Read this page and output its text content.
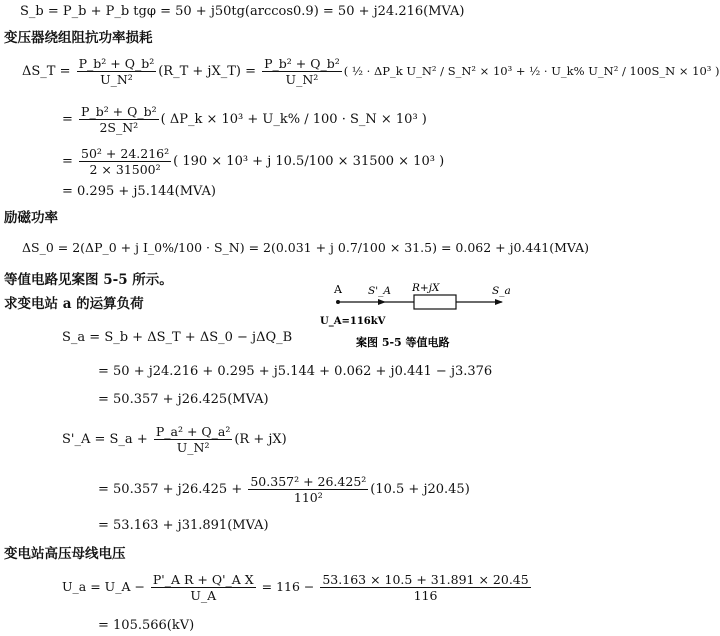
S_b = P_b + P_b tgφ = 50 + j50tg(arccos0.9) = 50 + j24.216(MVA)
变压器绕组阻抗功率损耗
ΔS_T = $\frac{\text{P\_b² + Q\_b²}}{\text{U\_N²}}$ (R_T + jX_T) = $\frac{\text{P\_b² + Q\_b²}}{\text{U\_N²}}$ ( ½ · ΔP_k U_N² / S_N² × 10³ + ½ · U_k% U_N² / 100S_N × 10³ )
= $\frac{\text{P\_b² + Q\_b²}}{\text{2S\_N²}}$ ( ΔP_k × 10³ + U_k% / 100 · S_N × 10³ )
= $\frac{\text{50² + 24.216²}}{\text{2 × 31500²}}$ ( 190 × 10³ + j 10.5/100 × 31500 × 10³ )
= 0.295 + j5.144(MVA)
励磁功率
ΔS_0 = 2(ΔP_0 + j I_0%/100 · S_N) = 2(0.031 + j 0.7/100 × 31.5) = 0.062 + j0.441(MVA)
等值电路见案图 5-5 所示。
求变电站 a 的运算负荷
A S'_A R+jX	S_a
U_A=116kV
案图 5-5 等值电路
S_a = S_b + ΔS_T + ΔS_0 − jΔQ_B
= 50 + j24.216 + 0.295 + j5.144 + 0.062 + j0.441 − j3.376
= 50.357 + j26.425(MVA)
S'_A = S_a + $\frac{\text{P\_a² + Q\_a²}}{\text{U\_N²}} (R + jX)$
= $50.357 + j26.425 + \frac{\text{50.357² + 26.425²}}{\text{110²}} (10.5 + j20.45)$
= 53.163 + j31.891(MVA)
变电站高压母线电压
U_a = U_A − $\frac{\text{P'\_A R + Q'\_A X}}{U\_A} = 116 - \frac{53.163 \times 10.5 + 31.891 \times 20.45}{116}$
= 105.566(kV)
